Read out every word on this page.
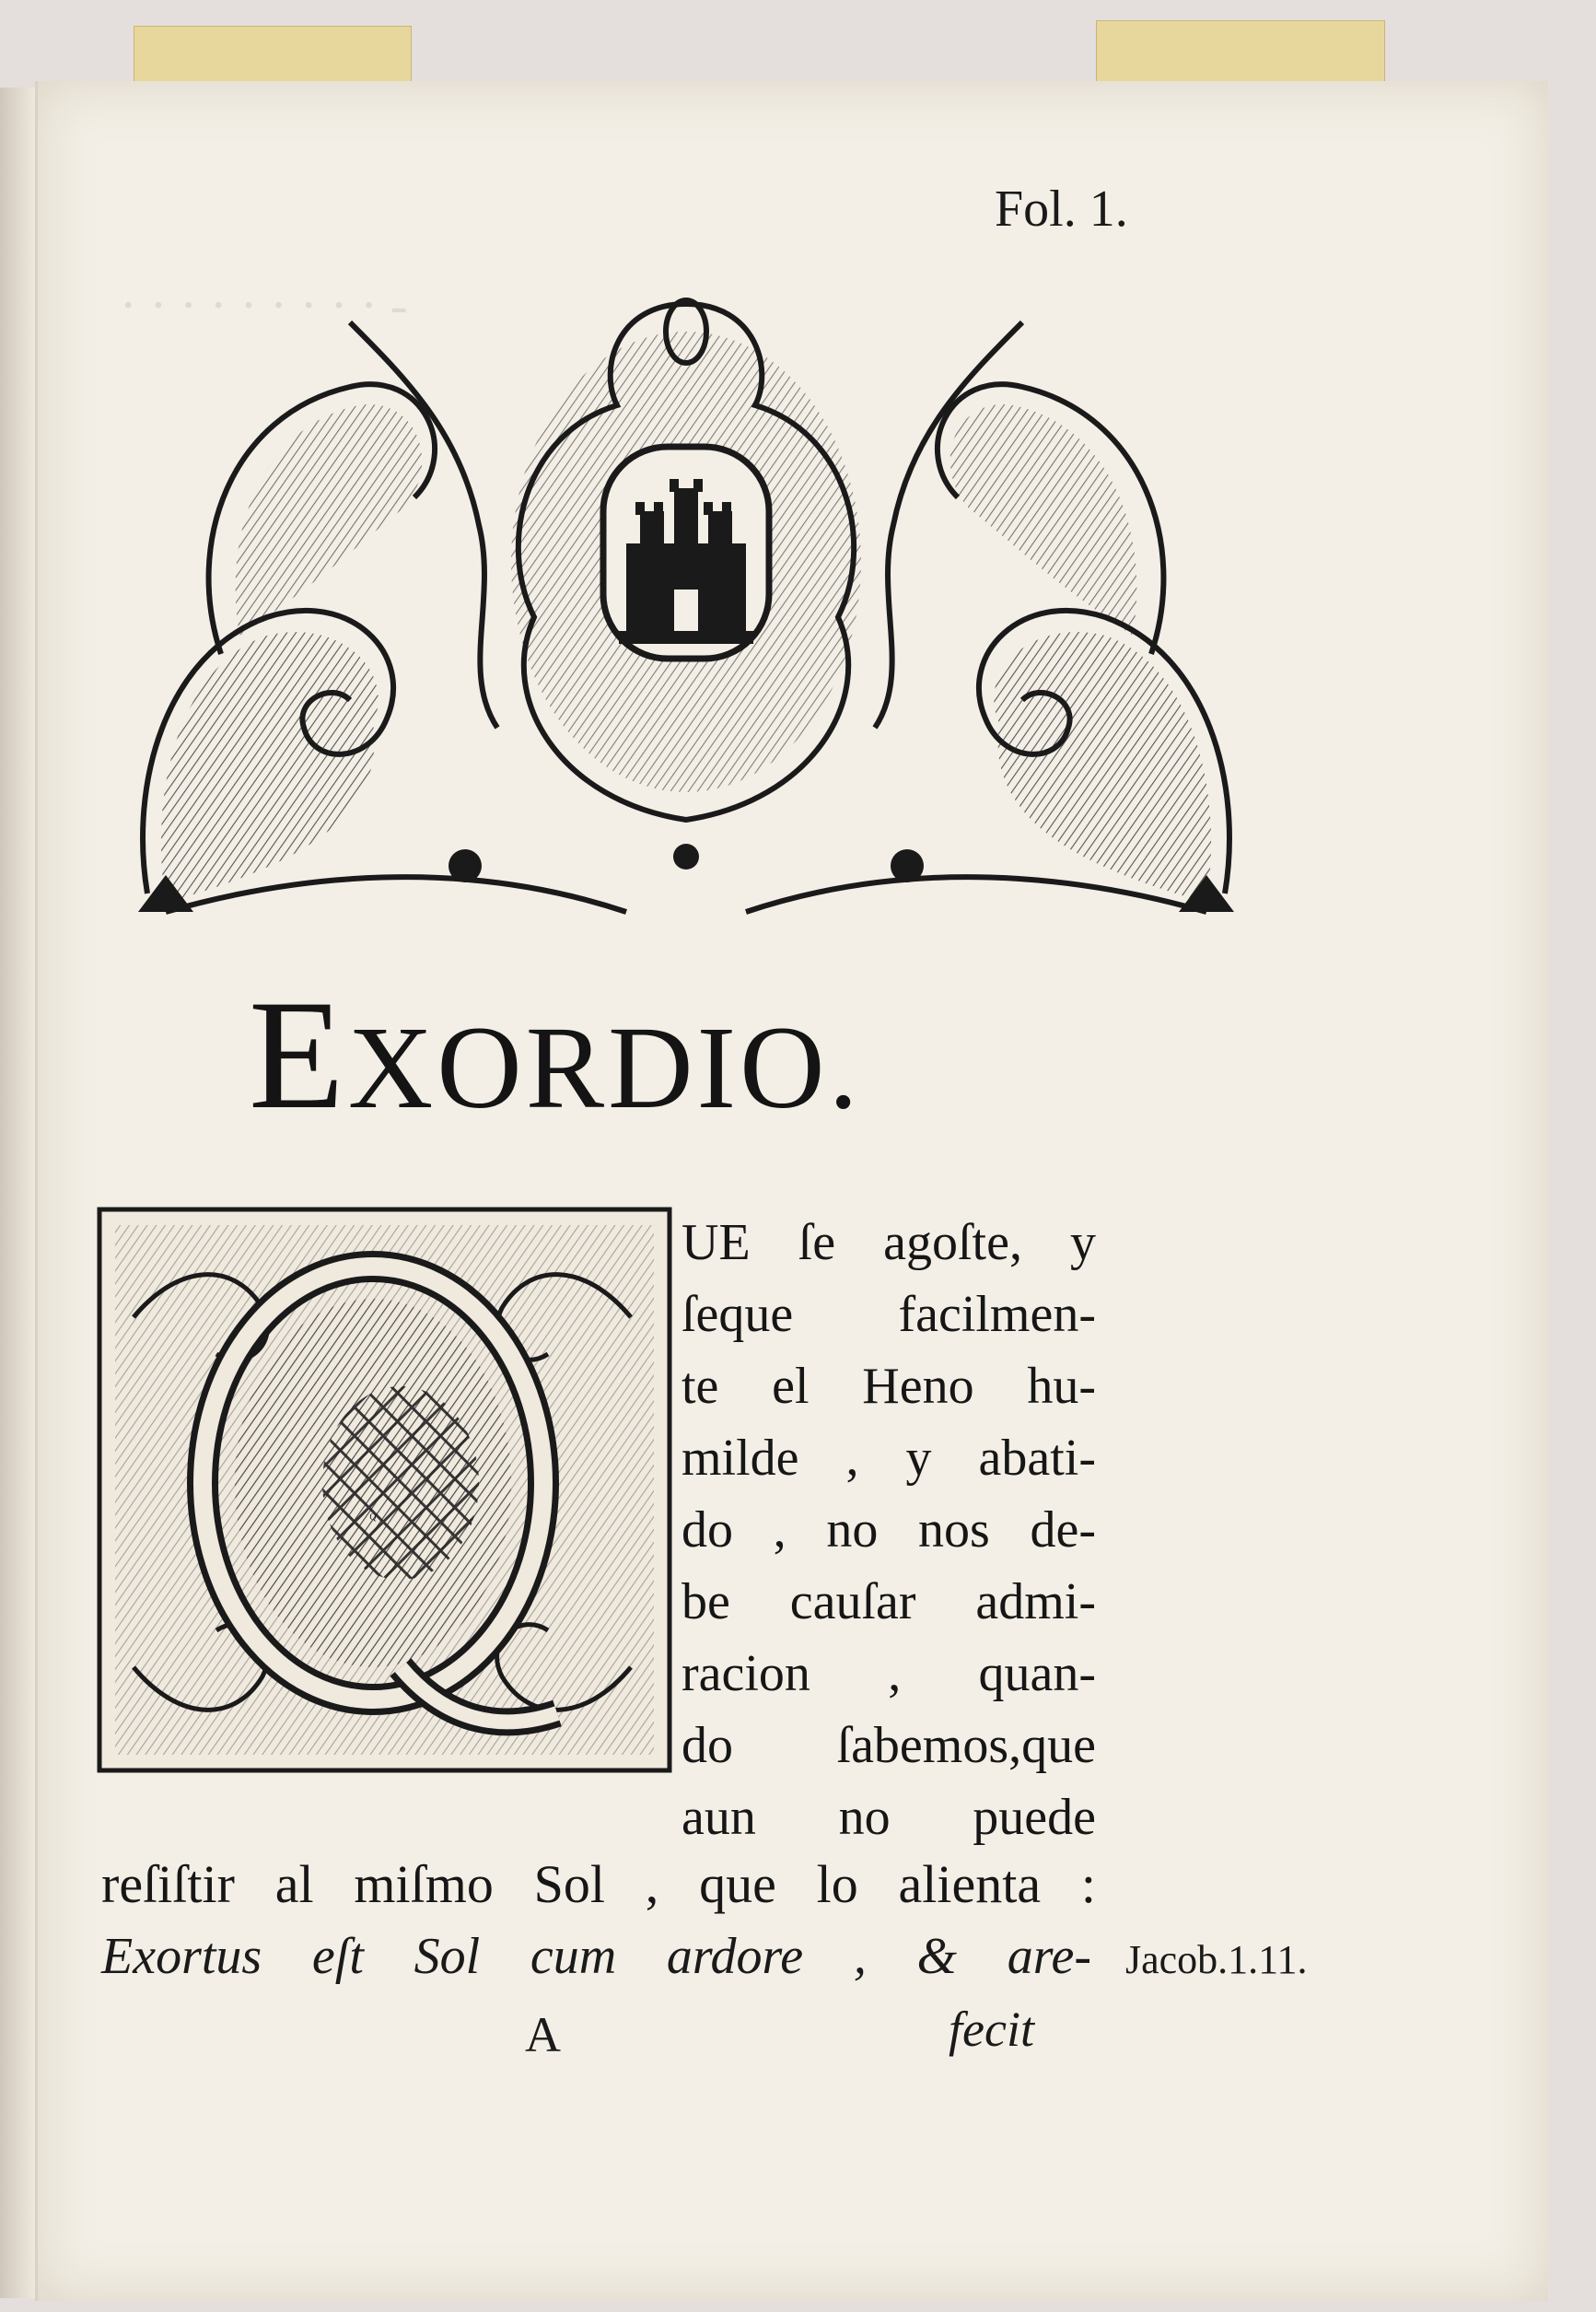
- · · · · · · · · ·
Fol. 1.
EXORDIO.
Q
UE ſe agoſte, y
ſeque facilmen-
te el Heno hu-
milde , y abati-
do , no nos de-
be cauſar admi-
racion , quan-
do ſabemos,que
aun no puede
reſiſtir al miſmo Sol , que lo alienta :
Exortus eſt Sol cum ardore , & are- Jacob.1.11.
A	fecit
